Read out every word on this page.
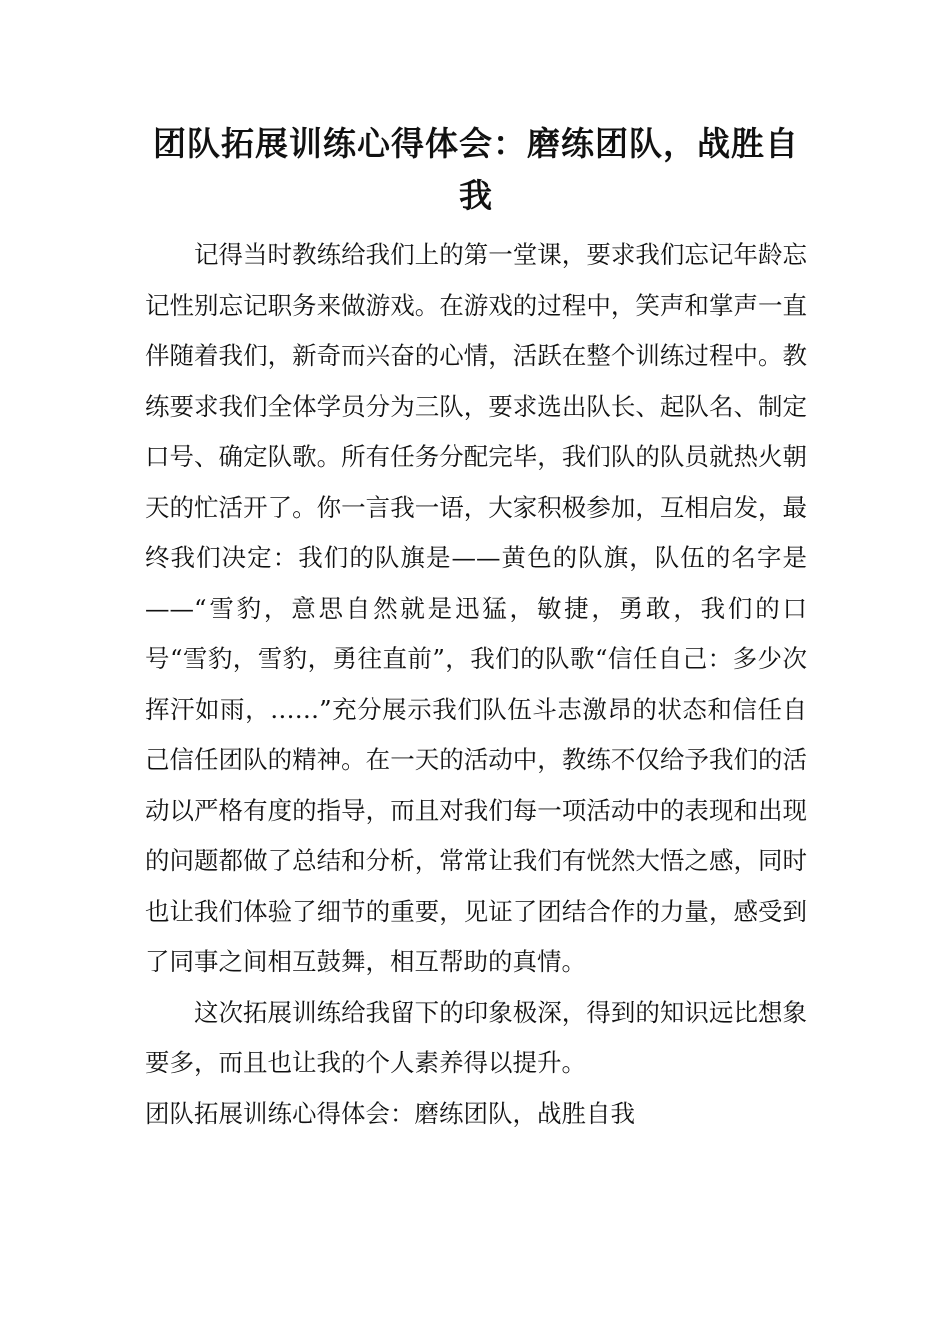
团队拓展训练心得体会：磨练团队，战胜自我

记得当时教练给我们上的第一堂课，要求我们忘记年龄忘记性别忘记职务来做游戏。在游戏的过程中，笑声和掌声一直伴随着我们，新奇而兴奋的心情，活跃在整个训练过程中。教练要求我们全体学员分为三队，要求选出队长、起队名、制定口号、确定队歌。所有任务分配完毕，我们队的队员就热火朝天的忙活开了。你一言我一语，大家积极参加，互相启发，最终我们决定：我们的队旗是——黄色的队旗，队伍的名字是——“雪豹，意思自然就是迅猛，敏捷，勇敢，我们的口号“雪豹，雪豹，勇往直前”，我们的队歌“信任自己：多少次挥汗如雨，……”充分展示我们队伍斗志激昂的状态和信任自己信任团队的精神。在一天的活动中，教练不仅给予我们的活动以严格有度的指导，而且对我们每一项活动中的表现和出现的问题都做了总结和分析，常常让我们有恍然大悟之感，同时也让我们体验了细节的重要，见证了团结合作的力量，感受到了同事之间相互鼓舞，相互帮助的真情。

这次拓展训练给我留下的印象极深，得到的知识远比想象要多，而且也让我的个人素养得以提升。

团队拓展训练心得体会：磨练团队，战胜自我
